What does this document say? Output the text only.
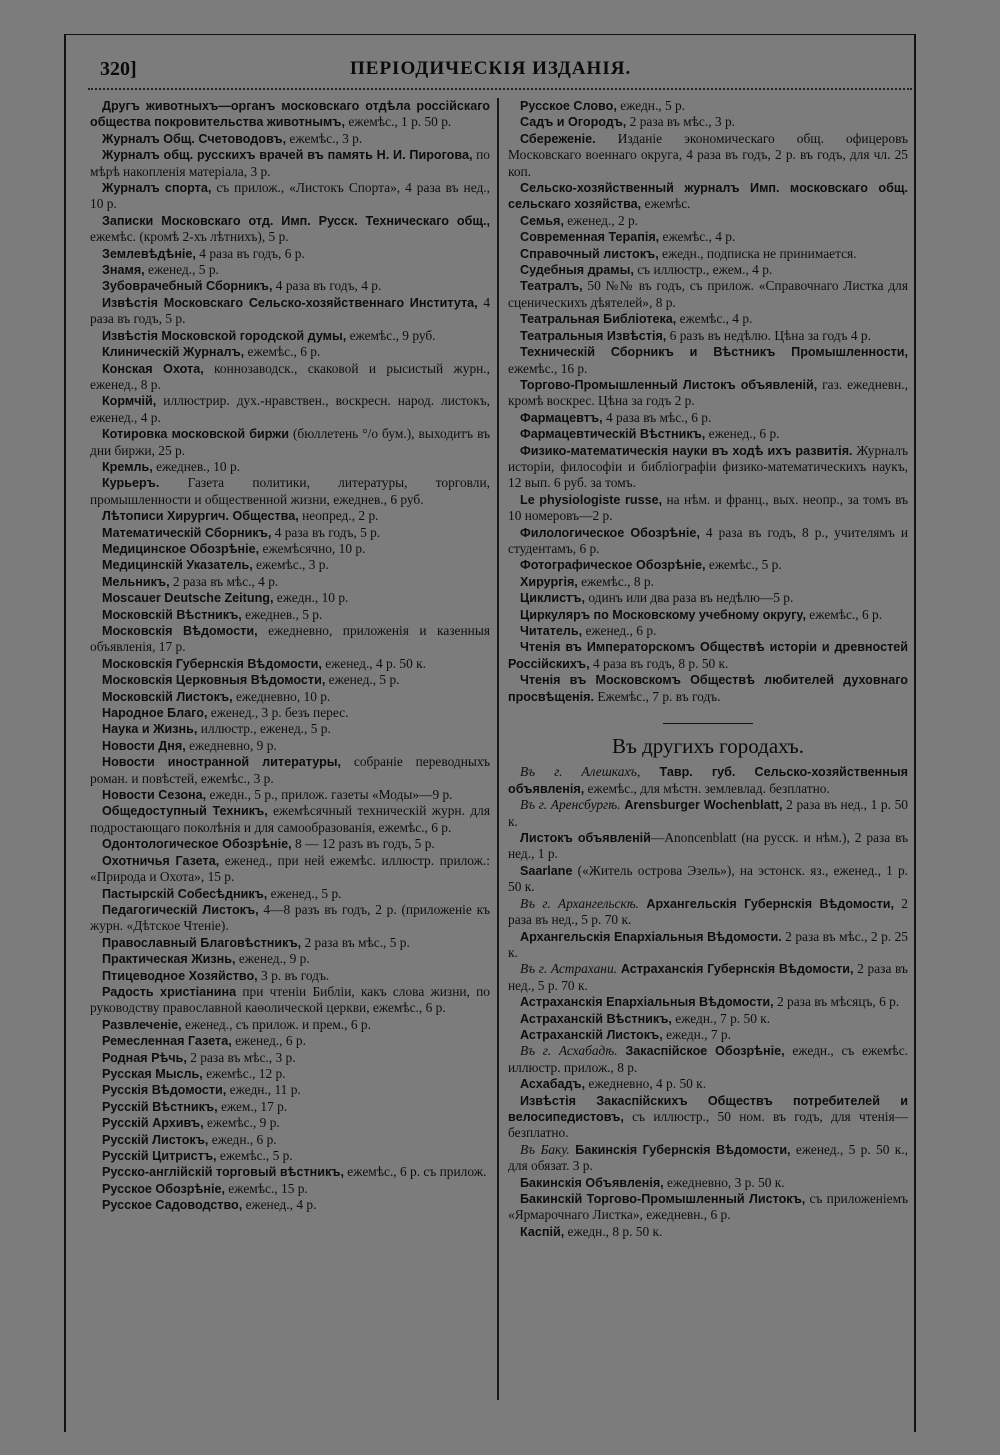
320]	ПЕРІОДИЧЕСКІЯ ИЗДАНІЯ.

Другъ животныхъ—органъ московскаго отдѣла россійскаго общества покровительства животнымъ, ежемѣс., 1 р. 50 р.

Журналъ Общ. Счетоводовъ, ежемѣс., 3 р.

Журналъ общ. русскихъ врачей въ память Н. И. Пирогова, по мѣрѣ накопленія матеріала, 3 р.

Журналъ спорта, съ прилож., «Листокъ Спорта», 4 раза въ нед., 10 р.

Записки Московскаго отд. Имп. Русск. Техническаго общ., ежемѣс. (кромѣ 2-хъ лѣтнихъ), 5 р.

Землевѣдѣніе, 4 раза въ годъ, 6 р.

Знамя, еженед., 5 р.

Зубоврачебный Сборникъ, 4 раза въ годъ, 4 р.

Извѣстія Московскаго Сельско-хозяйственнаго Института, 4 раза въ годъ, 5 р.

Извѣстія Московской городской думы, ежемѣс., 9 руб.

Клиническій Журналъ, ежемѣс., 6 р.

Конская Охота, коннозаводск., скаковой и рысистый журн., еженед., 8 р.

Кормчій, иллюстрир. дух.-нравствен., воскресн. народ. листокъ, еженед., 4 р.

Котировка московской биржи (бюллетень °/о бум.), выходитъ въ дни биржи, 25 р.

Кремль, ежеднев., 10 р.

Курьеръ. Газета политики, литературы, торговли, промышленности и общественной жизни, ежеднев., 6 руб.

Лѣтописи Хирургич. Общества, неопред., 2 р.

Математическій Сборникъ, 4 раза въ годъ, 5 р.

Медицинское Обозрѣніе, ежемѣсячно, 10 р.

Медицинскій Указатель, ежемѣс., 3 р.

Мельникъ, 2 раза въ мѣс., 4 р.

Moscauer Deutsche Zeitung, ежедн., 10 р.

Московскій Вѣстникъ, ежеднев., 5 р.

Московскія Вѣдомости, ежедневно, приложенія и казенныя объявленія, 17 р.

Московскія Губернскія Вѣдомости, еженед., 4 р. 50 к.

Московскія Церковныя Вѣдомости, еженед., 5 р.

Московскій Листокъ, ежедневно, 10 р.

Народное Благо, еженед., 3 р. безъ перес.

Наука и Жизнь, иллюстр., еженед., 5 р.

Новости Дня, ежедневно, 9 р.

Новости иностранной литературы, собраніе переводныхъ роман. и повѣстей, ежемѣс., 3 р.

Новости Сезона, ежедн., 5 р., прилож. газеты «Моды»—9 р.

Общедоступный Техникъ, ежемѣсячный техническій журн. для подростающаго поколѣнія и для самообразованія, ежемѣс., 6 р.

Одонтологическое Обозрѣніе, 8 — 12 разъ въ годъ, 5 р.

Охотничья Газета, еженед., при ней ежемѣс. иллюстр. прилож.: «Природа и Охота», 15 р.

Пастырскій Собесѣдникъ, еженед., 5 р.

Педагогическій Листокъ, 4—8 разъ въ годъ, 2 р. (приложеніе къ журн. «Дѣтское Чтеніе).

Православный Благовѣстникъ, 2 раза въ мѣс., 5 р.

Практическая Жизнь, еженед., 9 р.

Птицеводное Хозяйство, 3 р. въ годъ.

Радость христіанина при чтеніи Библіи, какъ слова жизни, по руководству православной каѳолической церкви, ежемѣс., 6 р.

Развлеченіе, еженед., съ прилож. и прем., 6 р.

Ремесленная Газета, еженед., 6 р.

Родная Рѣчь, 2 раза въ мѣс., 3 р.

Русская Мысль, ежемѣс., 12 р.

Русскія Вѣдомости, ежедн., 11 р.

Русскій Вѣстникъ, ежем., 17 р.

Русскій Архивъ, ежемѣс., 9 р.

Русскій Листокъ, ежедн., 6 р.

Русскій Цитристъ, ежемѣс., 5 р.

Русско-англійскій торговый вѣстникъ, ежемѣс., 6 р. съ прилож.

Русское Обозрѣніе, ежемѣс., 15 р.

Русское Садоводство, еженед., 4 р.

Русское Слово, ежедн., 5 р.

Садъ и Огородъ, 2 раза въ мѣс., 3 р.

Сбереженіе. Изданіе экономическаго общ. офицеровъ Московскаго военнаго округа, 4 раза въ годъ, 2 р. въ годъ, для чл. 25 коп.

Сельско-хозяйственный журналъ Имп. московскаго общ. сельскаго хозяйства, ежемѣс.

Семья, еженед., 2 р.

Современная Терапія, ежемѣс., 4 р.

Справочный листокъ, ежедн., подписка не принимается.

Судебныя драмы, съ иллюстр., ежем., 4 р.

Театралъ, 50 №№ въ годъ, съ прилож. «Справочнаго Листка для сценическихъ дѣятелей», 8 р.

Театральная Библіотека, ежемѣс., 4 р.

Театральныя Извѣстія, 6 разъ въ недѣлю. Цѣна за годъ 4 р.

Техническій Сборникъ и Вѣстникъ Промышленности, ежемѣс., 16 р.

Торгово-Промышленный Листокъ объявленій, газ. ежедневн., кромѣ воскрес. Цѣна за годъ 2 р.

Фармацевтъ, 4 раза въ мѣс., 6 р.

Фармацевтическій Вѣстникъ, еженед., 6 р.

Физико-математическія науки въ ходѣ ихъ развитія. Журналъ исторіи, философіи и библіографіи физико-математическихъ наукъ, 12 вып. 6 руб. за томъ.

Le physiologiste russe, на нѣм. и франц., вых. неопр., за томъ въ 10 номеровъ—2 р.

Филологическое Обозрѣніе, 4 раза въ годъ, 8 р., учителямъ и студентамъ, 6 р.

Фотографическое Обозрѣніе, ежемѣс., 5 р.

Хирургія, ежемѣс., 8 р.

Циклистъ, одинъ или два раза въ недѣлю—5 р.

Циркуляръ по Московскому учебному округу, ежемѣс., 6 р.

Читатель, еженед., 6 р.

Чтенія въ Императорскомъ Обществѣ исторіи и древностей Россійскихъ, 4 раза въ годъ, 8 р. 50 к.

Чтенія въ Московскомъ Обществѣ любителей духовнаго просвѣщенія. Ежемѣс., 7 р. въ годъ.

Въ другихъ городахъ.

Въ г. Алешкахъ, Тавр. губ. Сельско-хозяйственныя объявленія, ежемѣс., для мѣстн. землевлад. безплатно.

Въ г. Аренсбургѣ. Arensburger Wochenblatt, 2 раза въ нед., 1 р. 50 к.

Листокъ объявленій—Anoncenblatt (на русск. и нѣм.), 2 раза въ нед., 1 р.

Saarlane («Житель острова Эзель»), на эстонск. яз., еженед., 1 р. 50 к.

Въ г. Архангельскѣ. Архангельскія Губернскія Вѣдомости, 2 раза въ нед., 5 р. 70 к.

Архангельскія Епархіальныя Вѣдомости. 2 раза въ мѣс., 2 р. 25 к.

Въ г. Астрахани. Астраханскія Губернскія Вѣдомости, 2 раза въ нед., 5 р. 70 к.

Астраханскія Епархіальныя Вѣдомости, 2 раза въ мѣсяцъ, 6 р.

Астраханскій Вѣстникъ, ежедн., 7 р. 50 к.

Астраханскій Листокъ, ежедн., 7 р.

Въ г. Асхабадѣ. Закаспійское Обозрѣніе, ежедн., съ ежемѣс. иллюстр. прилож., 8 р.

Асхабадъ, ежедневно, 4 р. 50 к.

Извѣстія Закаспійскихъ Обществъ потребителей и велосипедистовъ, съ иллюстр., 50 ном. въ годъ, для чтенія—безплатно.

Въ Баку. Бакинскія Губернскія Вѣдомости, еженед., 5 р. 50 к., для обязат. 3 р.

Бакинскія Объявленія, ежедневно, 3 р. 50 к.

Бакинскій Торгово-Промышленный Листокъ, съ приложеніемъ «Ярмарочнаго Листка», ежедневн., 6 р.

Каспій, ежедн., 8 р. 50 к.
